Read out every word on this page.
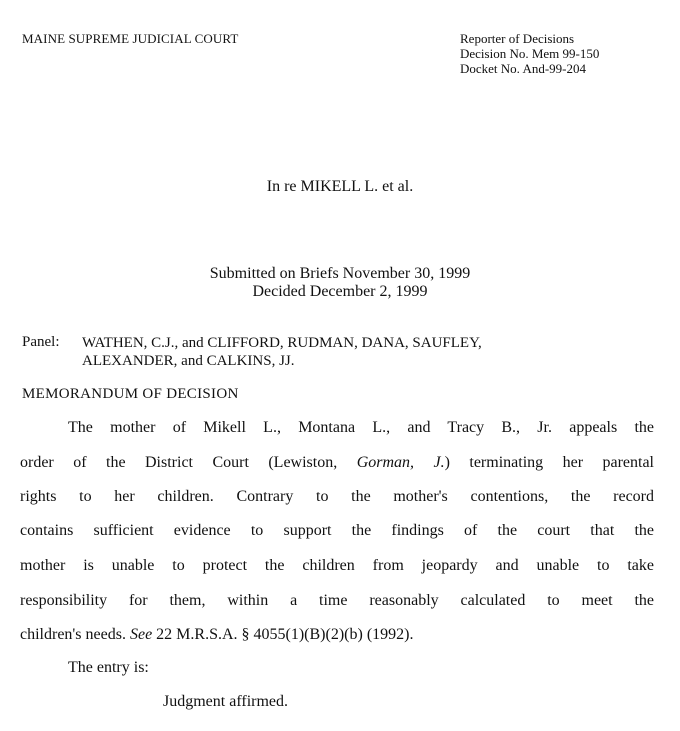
MAINE SUPREME JUDICIAL COURT	Reporter of Decisions
Decision No. Mem 99-150
Docket No. And-99-204
In re MIKELL L. et al.
Submitted on Briefs November 30, 1999
Decided December 2, 1999
Panel: WATHEN, C.J., and CLIFFORD, RUDMAN, DANA, SAUFLEY,
ALEXANDER, and CALKINS, JJ.
MEMORANDUM OF DECISION
The mother of Mikell L., Montana L., and Tracy B., Jr. appeals the
order of the District Court (Lewiston, Gorman, J.) terminating her parental
rights to her children. Contrary to the mother's contentions, the record
contains sufficient evidence to support the findings of the court that the
mother is unable to protect the children from jeopardy and unable to take
responsibility for them, within a time reasonably calculated to meet the
children's needs. See 22 M.R.S.A. § 4055(1)(B)(2)(b) (1992).
The entry is:
Judgment affirmed.
